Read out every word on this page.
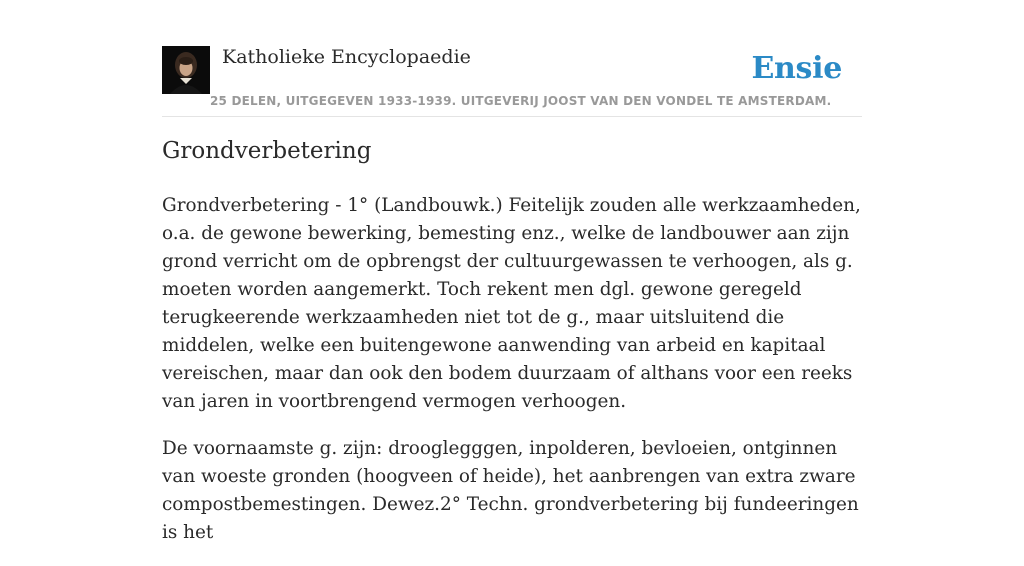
Katholieke Encyclopaedie	Ensie
25 DELEN, UITGEGEVEN 1933-1939. UITGEVERIJ JOOST VAN DEN VONDEL TE AMSTERDAM.
Grondverbetering

Grondverbetering - 1° (Landbouwk.) Feitelijk zouden alle werkzaamheden, o.a. de gewone bewerking, bemesting enz., welke de landbouwer aan zijn grond verricht om de opbrengst der cultuurgewassen te verhoogen, als g. moeten worden aangemerkt. Toch rekent men dgl. gewone geregeld terugkeerende werkzaamheden niet tot de g., maar uitsluitend die middelen, welke een buitengewone aanwending van arbeid en kapitaal vereischen, maar dan ook den bodem duurzaam of althans voor een reeks van jaren in voortbrengend vermogen verhoogen.

De voornaamste g. zijn: drooglegggen, inpolderen, bevloeien, ontginnen van woeste gronden (hoogveen of heide), het aanbrengen van extra zware compostbemestingen. Dewez.2° Techn. grondverbetering bij fundeeringen is het
